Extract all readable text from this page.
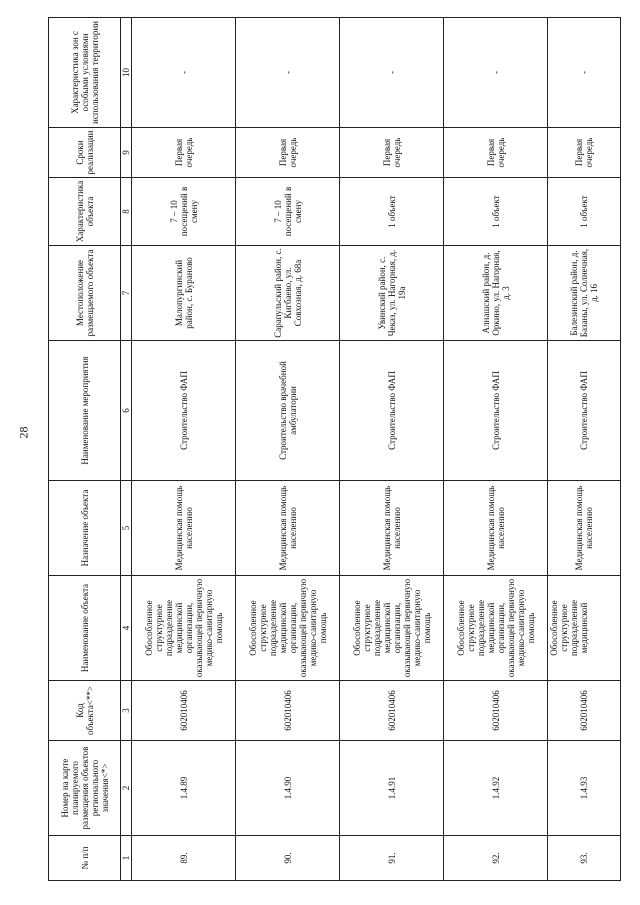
28
№ п/п	Номер на карте планируемого размещения объектов регионального значения<*>	Код объекта<**>	Наименование объекта	Назначение объекта	Наименование мероприятия	Местоположение размещаемого объекта	Характеристика объекта	Сроки реализации	Характеристика зон с особыми условиями использования территории
1	2	3	4	5	6	7	8	9	10
89.	1.4.89	602010406	Обособленное структурное подразделение медицинской организации, оказывающей первичную медико-санитарную помощь	Медицинская помощь населению	Строительство ФАП	Малопургинский район, с. Бураново	7 – 10 посещений в смену	Первая очередь	-
90.	1.4.90	602010406	Обособленное структурное подразделение медицинской организации, оказывающей первичную медико-санитарную помощь	Медицинская помощь населению	Строительство врачебной амбулатории	Сарапульский район, с. Кигбаево, ул. Совхозная, д. 68а	7 – 10 посещений в смену	Первая очередь	-
91.	1.4.91	602010406	Обособленное структурное подразделение медицинской организации, оказывающей первичную медико-санитарную помощь	Медицинская помощь населению	Строительство ФАП	Увинский район, с. Чеказ, ул. Нагорная, д. 19а	1 объект	Первая очередь	-
92.	1.4.92	602010406	Обособленное структурное подразделение медицинской организации, оказывающей первичную медико-санитарную помощь	Медицинская помощь населению	Строительство ФАП	Алнашский район, д. Оркино, ул. Нагорная, д. 3	1 объект	Первая очередь	-
93.	1.4.93	602010406	Обособленное структурное подразделение медицинской	Медицинская помощь населению	Строительство ФАП	Балезинский район, д. Базаны, ул. Солнечная, д. 16	1 объект	Первая очередь	-
